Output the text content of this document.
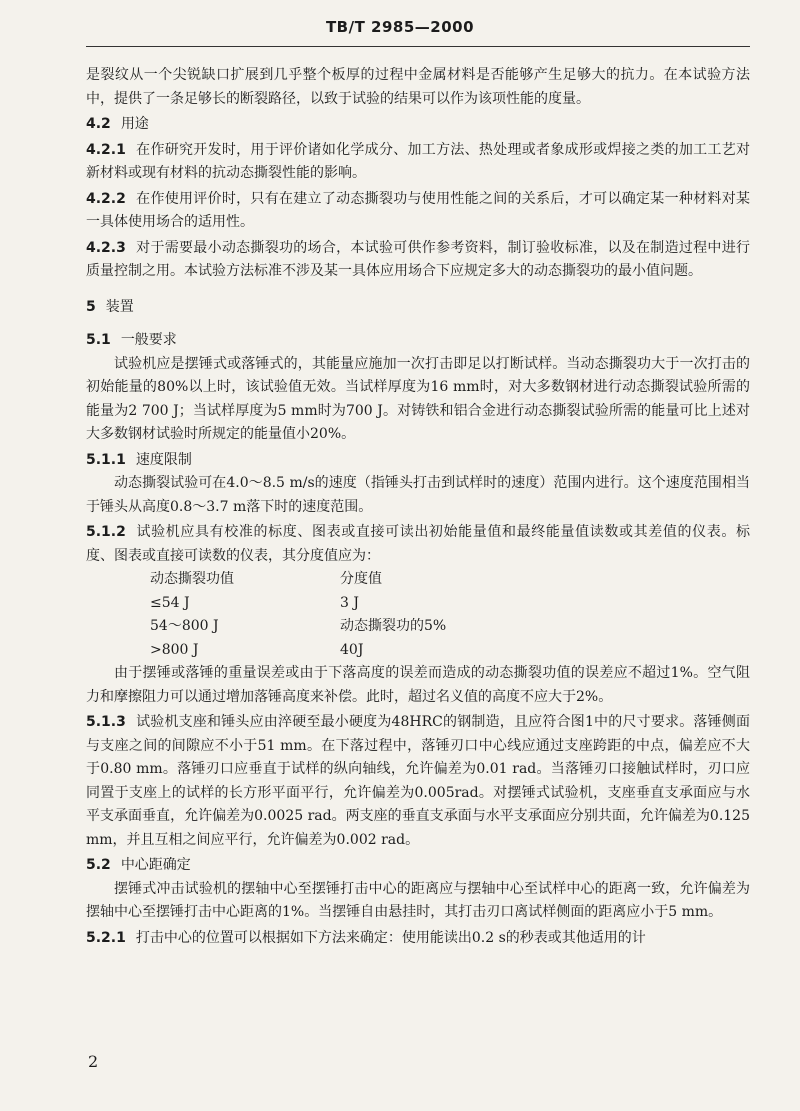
TB/T 2985—2000

是裂纹从一个尖锐缺口扩展到几乎整个板厚的过程中金属材料是否能够产生足够大的抗力。在本试验方法中，提供了一条足够长的断裂路径，以致于试验的结果可以作为该项性能的度量。

4.2 用途

4.2.1 在作研究开发时，用于评价诸如化学成分、加工方法、热处理或者象成形或焊接之类的加工工艺对新材料或现有材料的抗动态撕裂性能的影响。

4.2.2 在作使用评价时，只有在建立了动态撕裂功与使用性能之间的关系后，才可以确定某一种材料对某一具体使用场合的适用性。

4.2.3 对于需要最小动态撕裂功的场合，本试验可供作参考资料，制订验收标准，以及在制造过程中进行质量控制之用。本试验方法标准不涉及某一具体应用场合下应规定多大的动态撕裂功的最小值问题。

5 装置

5.1 一般要求

试验机应是摆锤式或落锤式的，其能量应施加一次打击即足以打断试样。当动态撕裂功大于一次打击的初始能量的80%以上时，该试验值无效。当试样厚度为16 mm时，对大多数钢材进行动态撕裂试验所需的能量为2 700 J；当试样厚度为5 mm时为700 J。对铸铁和铝合金进行动态撕裂试验所需的能量可比上述对大多数钢材试验时所规定的能量值小20%。

5.1.1 速度限制

动态撕裂试验可在4.0～8.5 m/s的速度（指锤头打击到试样时的速度）范围内进行。这个速度范围相当于锤头从高度0.8～3.7 m落下时的速度范围。

5.1.2 试验机应具有校准的标度、图表或直接可读出初始能量值和最终能量值读数或其差值的仪表。标度、图表或直接可读数的仪表，其分度值应为：

动态撕裂功值	分度值
≤54 J	3 J
54～800 J	动态撕裂功的5%
>800 J	40J

由于摆锤或落锤的重量误差或由于下落高度的误差而造成的动态撕裂功值的误差应不超过1%。空气阻力和摩擦阻力可以通过增加落锤高度来补偿。此时，超过名义值的高度不应大于2%。

5.1.3 试验机支座和锤头应由淬硬至最小硬度为48HRC的钢制造，且应符合图1中的尺寸要求。落锤侧面与支座之间的间隙应不小于51 mm。在下落过程中，落锤刃口中心线应通过支座跨距的中点，偏差应不大于0.80 mm。落锤刃口应垂直于试样的纵向轴线，允许偏差为0.01 rad。当落锤刃口接触试样时，刃口应同置于支座上的试样的长方形平面平行，允许偏差为0.005rad。对摆锤式试验机，支座垂直支承面应与水平支承面垂直，允许偏差为0.0025 rad。两支座的垂直支承面与水平支承面应分别共面，允许偏差为0.125 mm，并且互相之间应平行，允许偏差为0.002 rad。

5.2 中心距确定

摆锤式冲击试验机的摆轴中心至摆锤打击中心的距离应与摆轴中心至试样中心的距离一致，允许偏差为摆轴中心至摆锤打击中心距离的1%。当摆锤自由悬挂时，其打击刃口离试样侧面的距离应小于5 mm。

5.2.1 打击中心的位置可以根据如下方法来确定：使用能读出0.2 s的秒表或其他适用的计

2
